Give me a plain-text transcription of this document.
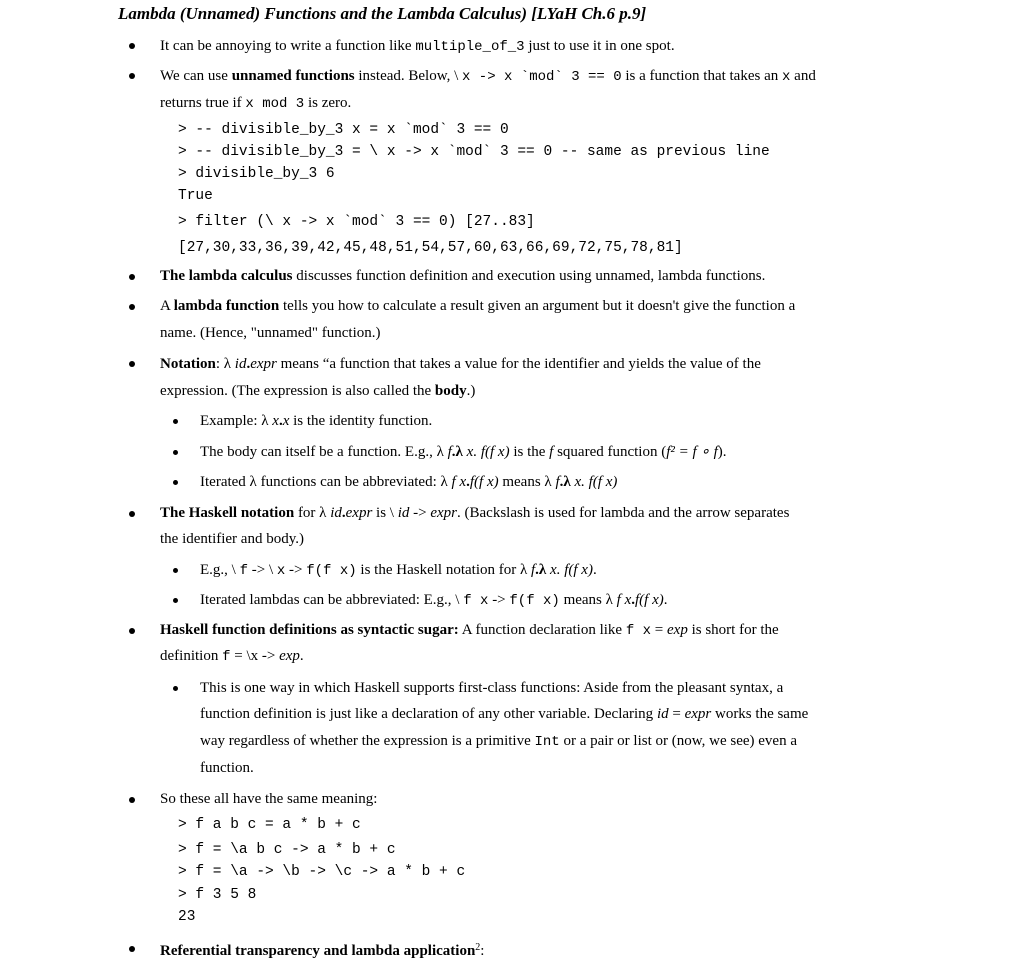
Lambda (Unnamed) Functions and the Lambda Calculus) [LYaH Ch.6 p.9]
It can be annoying to write a function like multiple_of_3 just to use it in one spot.
We can use unnamed functions instead. Below, \ x -> x `mod` 3 == 0 is a function that takes an x and
returns true if x mod 3 is zero.
> -- divisible_by_3 x = x `mod` 3 == 0
> -- divisible_by_3 = \ x -> x `mod` 3 == 0 -- same as previous line
> divisible_by_3 6
True
> filter (\ x -> x `mod` 3 == 0) [27..83]
[27,30,33,36,39,42,45,48,51,54,57,60,63,66,69,72,75,78,81]
The lambda calculus discusses function definition and execution using unnamed, lambda functions.
A lambda function tells you how to calculate a result given an argument but it doesn't give the function a
name. (Hence, "unnamed" function.)
Notation: λ id.expr means “a function that takes a value for the identifier and yields the value of the
expression. (The expression is also called the body.)
Example: λ x.x is the identity function.
The body can itself be a function. E.g., λ f.λ x. f(f x) is the f squared function (f² = f ∘ f).
Iterated λ functions can be abbreviated: λ f x.f(f x) means λ f.λ x. f(f x)
The Haskell notation for λ id.expr is \ id -> expr. (Backslash is used for lambda and the arrow separates
the identifier and body.)
E.g., \ f -> \ x -> f(f x) is the Haskell notation for λ f.λ x. f(f x).
Iterated lambdas can be abbreviated: E.g., \ f x -> f(f x) means λ f x.f(f x).
Haskell function definitions as syntactic sugar: A function declaration like f x = exp is short for the
definition f = \x -> exp.
This is one way in which Haskell supports first-class functions: Aside from the pleasant syntax, a
function definition is just like a declaration of any other variable. Declaring id = expr works the same
way regardless of whether the expression is a primitive Int or a pair or list or (now, we see) even a
function.
So these all have the same meaning:
> f a b c = a * b + c
> f = \a b c -> a * b + c
> f = \a -> \b -> \c -> a * b + c
> f 3 5 8
23
Referential transparency and lambda application$^2$:
